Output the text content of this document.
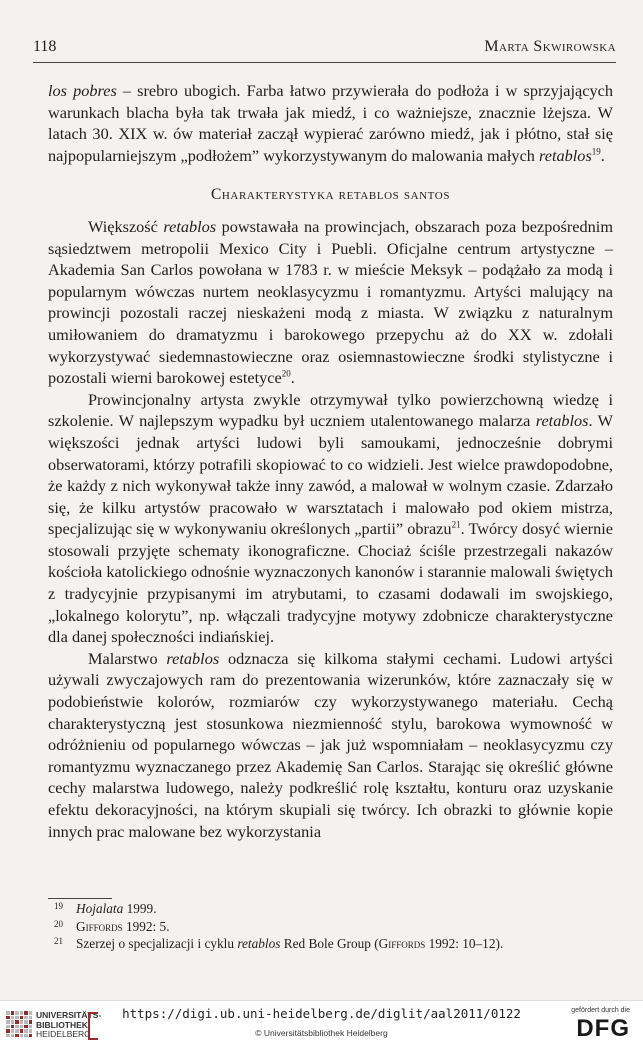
118	Marta Skwirowska

los pobres – srebro ubogich. Farba łatwo przywierała do podłoża i w sprzyjających warunkach blacha była tak trwała jak miedź, i co ważniejsze, znacznie lżejsza. W latach 30. XIX w. ów materiał zaczął wypierać zarówno miedź, jak i płótno, stał się najpopularniejszym „podłożem” wykorzystywanym do malowania małych retablos$^{19}$.

Charakterystyka retablos santos

Większość retablos powstawała na prowincjach, obszarach poza bezpośrednim sąsiedztwem metropolii Mexico City i Puebli. Oficjalne centrum artystyczne – Akademia San Carlos powołana w 1783 r. w mieście Meksyk – podążało za modą i popularnym wówczas nurtem neoklasycyzmu i romantyzmu. Artyści malujący na prowincji pozostali raczej nieskażeni modą z miasta. W związku z naturalnym umiłowaniem do dramatyzmu i barokowego przepychu aż do XX w. zdołali wykorzystywać siedemnastowieczne oraz osiemnastowieczne środki stylistyczne i pozostali wierni barokowej estetyce$^{20}$.

Prowincjonalny artysta zwykle otrzymywał tylko powierzchowną wiedzę i szkolenie. W najlepszym wypadku był uczniem utalentowanego malarza retablos. W większości jednak artyści ludowi byli samoukami, jednocześnie dobrymi obserwatorami, którzy potrafili skopiować to co widzieli. Jest wielce prawdopodobne, że każdy z nich wykonywał także inny zawód, a malował w wolnym czasie. Zdarzało się, że kilku artystów pracowało w warsztatach i malowało pod okiem mistrza, specjalizując się w wykonywaniu określonych „partii” obrazu$^{21}$. Twórcy dosyć wiernie stosowali przyjęte schematy ikonograficzne. Chociaż ściśle przestrzegali nakazów kościoła katolickiego odnośnie wyznaczonych kanonów i starannie malowali świętych z tradycyjnie przypisanymi im atrybutami, to czasami dodawali im swojskiego, „lokalnego kolorytu”, np. włączali tradycyjne motywy zdobnicze charakterystyczne dla danej społeczności indiańskiej.

Malarstwo retablos odznacza się kilkoma stałymi cechami. Ludowi artyści używali zwyczajowych ram do prezentowania wizerunków, które zaznaczały się w podobieństwie kolorów, rozmiarów czy wykorzystywanego materiału. Cechą charakterystyczną jest stosunkowa niezmienność stylu, barokowa wymowność w odróżnieniu od popularnego wówczas – jak już wspomniałam – neoklasycyzmu czy romantyzmu wyznaczanego przez Akademię San Carlos. Starając się określić główne cechy malarstwa ludowego, należy podkreślić rolę kształtu, konturu oraz uzyskanie efektu dekoracyjności, na którym skupiali się twórcy. Ich obrazki to głównie kopie innych prac malowane bez wykorzystania

19 Hojalata 1999.
20 Giffords 1992: 5.
21 Szerzej o specjalizacji i cyklu retablos Red Bole Group (Giffords 1992: 10–12).
UNIVERSITÄTS-
BIBLIOTHEK
HEIDELBERG
https://digi.ub.uni-heidelberg.de/diglit/aal2011/0122
© Universitätsbibliothek Heidelberg
gefördert durch die
DFG
